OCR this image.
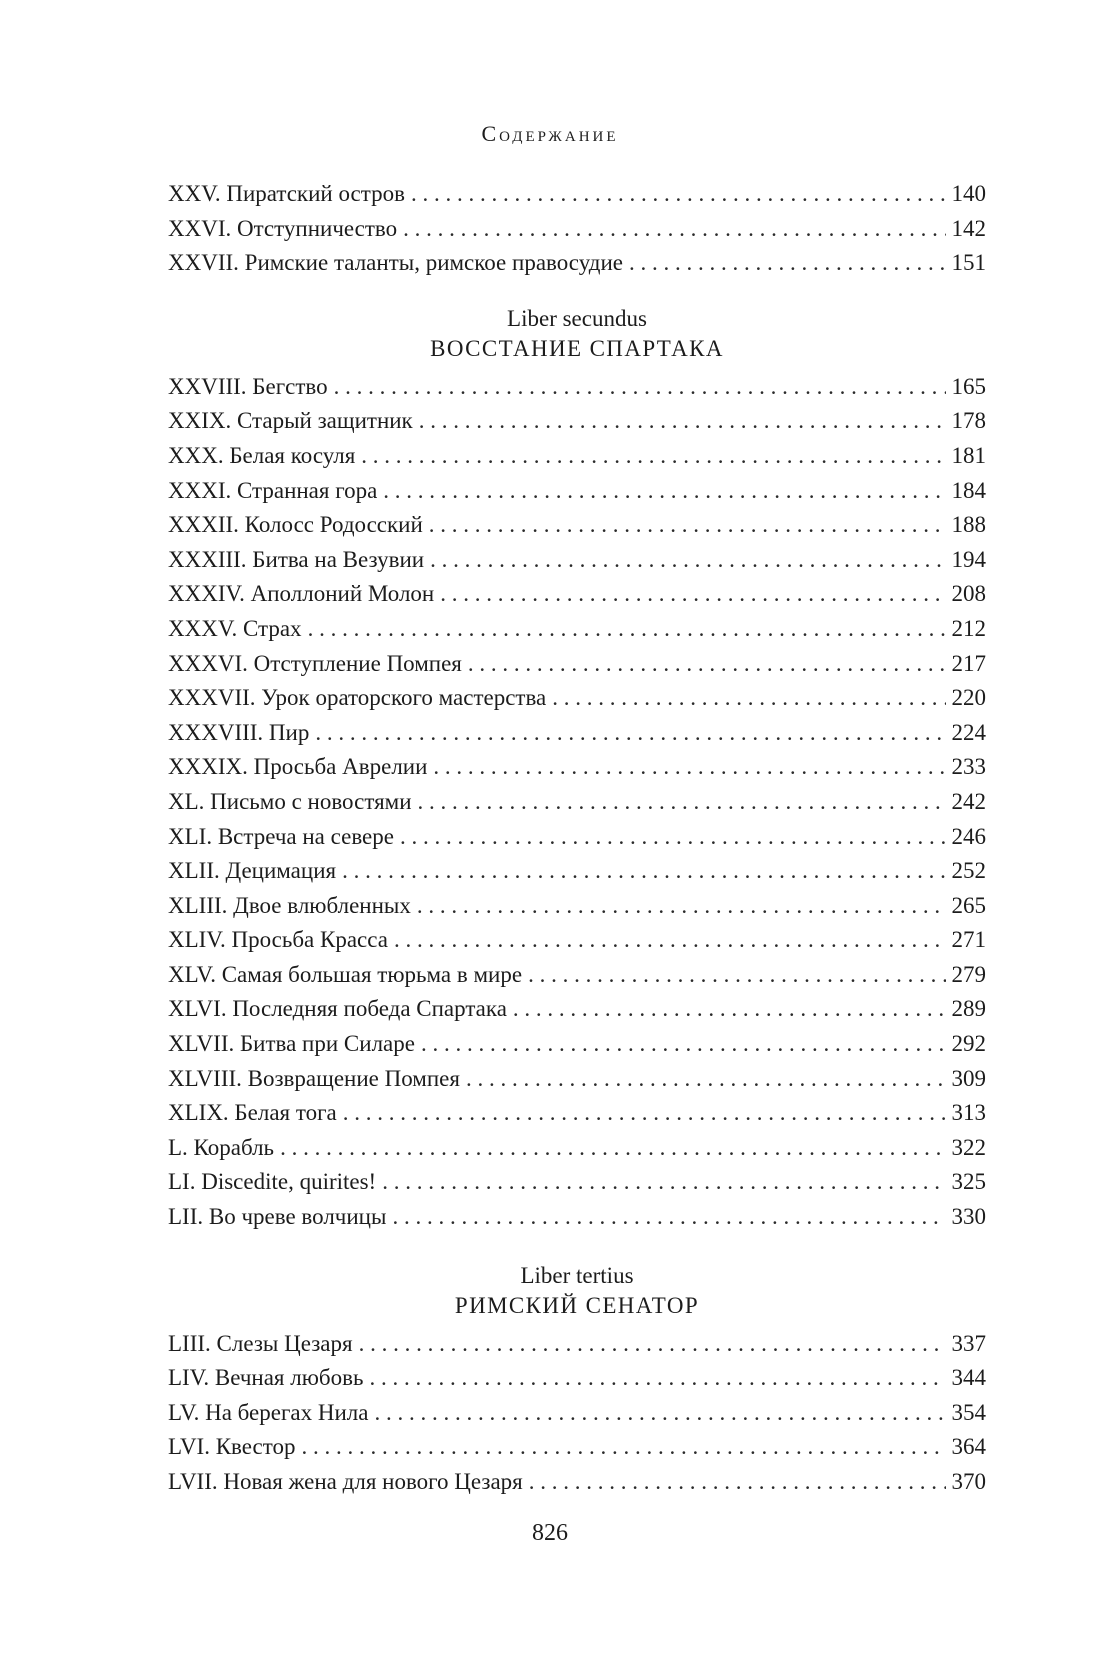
Содержание
XXV. Пиратский остров . . .	140
XXVI. Отступничество . . .	142
XXVII. Римские таланты, римское правосудие . . .	151
Liber secundus
ВОССТАНИЕ СПАРТАКА
XXVIII. Бегство . . .	165
XXIX. Старый защитник . . .	178
XXX. Белая косуля . . .	181
XXXI. Странная гора . . .	184
XXXII. Колосс Родосский . . .	188
XXXIII. Битва на Везувии . . .	194
XXXIV. Аполлоний Молон . . .	208
XXXV. Страх . . .	212
XXXVI. Отступление Помпея . . .	217
XXXVII. Урок ораторского мастерства . . .	220
XXXVIII. Пир . . .	224
XXXIX. Просьба Аврелии . . .	233
XL. Письмо с новостями . . .	242
XLI. Встреча на севере . . .	246
XLII. Децимация . . .	252
XLIII. Двое влюбленных . . .	265
XLIV. Просьба Красса . . .	271
XLV. Самая большая тюрьма в мире . . .	279
XLVI. Последняя победа Спартака . . .	289
XLVII. Битва при Силаре . . .	292
XLVIII. Возвращение Помпея . . .	309
XLIX. Белая тога . . .	313
L. Корабль . . .	322
LI. Discedite, quirites! . . .	325
LII. Во чреве волчицы . . .	330
Liber tertius
РИМСКИЙ СЕНАТОР
LIII. Слезы Цезаря . . .	337
LIV. Вечная любовь . . .	344
LV. На берегах Нила . . .	354
LVI. Квестор . . .	364
LVII. Новая жена для нового Цезаря . . .	370
826
